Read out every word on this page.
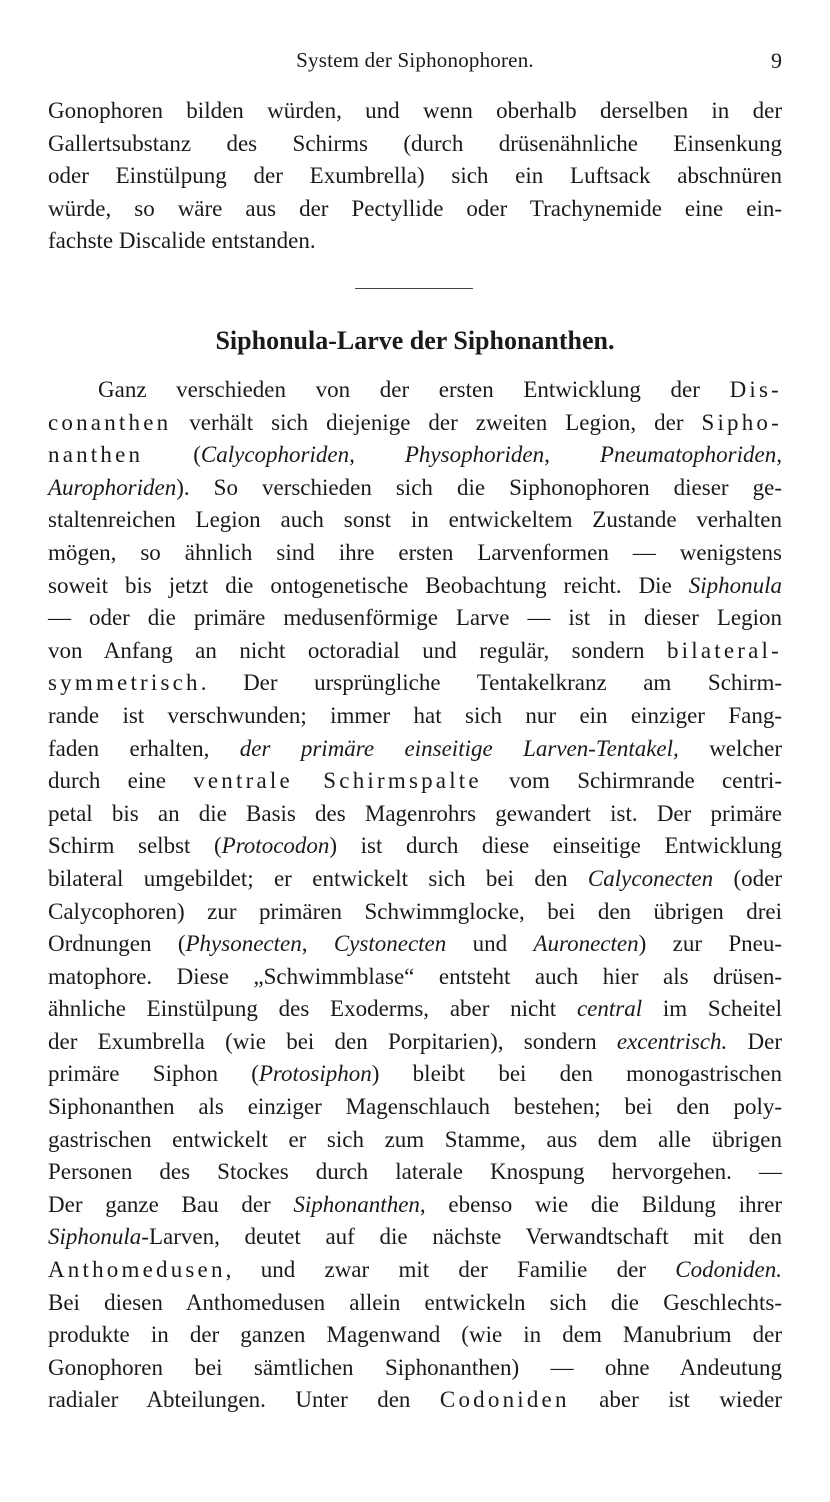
System der Siphonophoren.	9
Gonophoren bilden würden, und wenn oberhalb derselben in der
Gallertsubstanz des Schirms (durch drüsenähnliche Einsenkung
oder Einstülpung der Exumbrella) sich ein Luftsack abschnüren
würde, so wäre aus der Pectyllide oder Trachynemide eine ein-
fachste Discalide entstanden.
Siphonula-Larve der Siphonanthen.
Ganz verschieden von der ersten Entwicklung der Dis-
conanthen verhält sich diejenige der zweiten Legion, der Sipho-
nanthen (Calycophoriden, Physophoriden, Pneumatophoriden,
Aurophoriden). So verschieden sich die Siphonophoren dieser ge-
staltenreichen Legion auch sonst in entwickeltem Zustande verhalten
mögen, so ähnlich sind ihre ersten Larvenformen — wenigstens
soweit bis jetzt die ontogenetische Beobachtung reicht. Die Siphonula
— oder die primäre medusenförmige Larve — ist in dieser Legion
von Anfang an nicht octoradial und regulär, sondern bilateral-
symmetrisch. Der ursprüngliche Tentakelkranz am Schirm-
rande ist verschwunden; immer hat sich nur ein einziger Fang-
faden erhalten, der primäre einseitige Larven-Tentakel, welcher
durch eine ventrale Schirmspalte vom Schirmrande centri-
petal bis an die Basis des Magenrohrs gewandert ist. Der primäre
Schirm selbst (Protocodon) ist durch diese einseitige Entwicklung
bilateral umgebildet; er entwickelt sich bei den Calyconecten (oder
Calycophoren) zur primären Schwimmglocke, bei den übrigen drei
Ordnungen (Physonecten, Cystonecten und Auronecten) zur Pneu-
matophore. Diese „Schwimmblase“ entsteht auch hier als drüsen-
ähnliche Einstülpung des Exoderms, aber nicht central im Scheitel
der Exumbrella (wie bei den Porpitarien), sondern excentrisch. Der
primäre Siphon (Protosiphon) bleibt bei den monogastrischen
Siphonanthen als einziger Magenschlauch bestehen; bei den poly-
gastrischen entwickelt er sich zum Stamme, aus dem alle übrigen
Personen des Stockes durch laterale Knospung hervorgehen. —
Der ganze Bau der Siphonanthen, ebenso wie die Bildung ihrer
Siphonula-Larven, deutet auf die nächste Verwandtschaft mit den
Anthomedusen, und zwar mit der Familie der Codoniden.
Bei diesen Anthomedusen allein entwickeln sich die Geschlechts-
produkte in der ganzen Magenwand (wie in dem Manubrium der
Gonophoren bei sämtlichen Siphonanthen) — ohne Andeutung
radialer Abteilungen. Unter den Codoniden aber ist wieder
